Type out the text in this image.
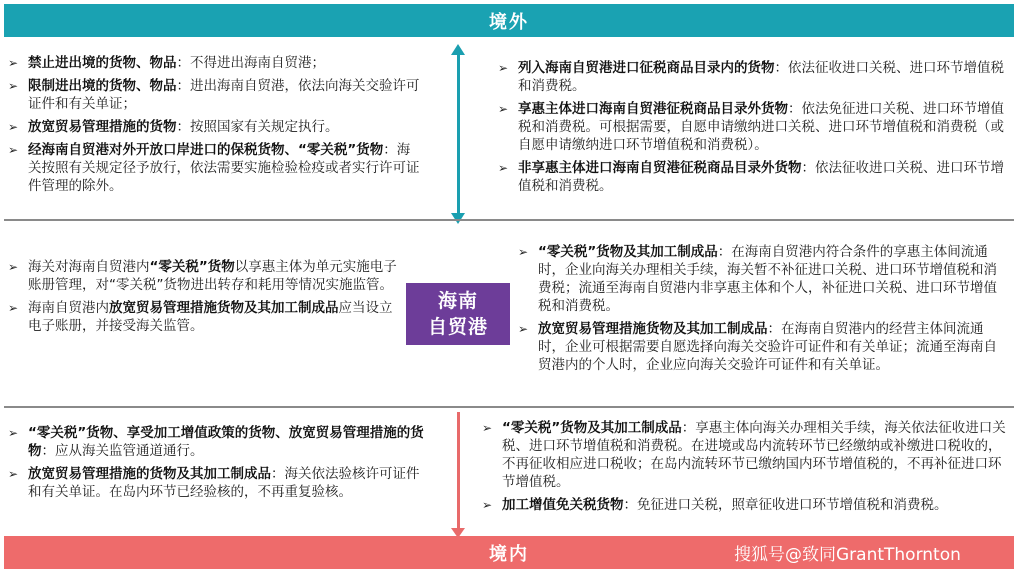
境外
海南
自贸港
➢ 禁止进出境的货物、物品：不得进出海南自贸港；
➢ 限制进出境的货物、物品：进出海南自贸港，依法向海关交验许可证件和有关单证；
➢ 放宽贸易管理措施的货物：按照国家有关规定执行。
➢ 经海南自贸港对外开放口岸进口的保税货物、“零关税”货物：海关按照有关规定径予放行，依法需要实施检验检疫或者实行许可证件管理的除外。
➢ 列入海南自贸港进口征税商品目录内的货物：依法征收进口关税、进口环节增值税和消费税。
➢ 享惠主体进口海南自贸港征税商品目录外货物：依法免征进口关税、进口环节增值税和消费税。可根据需要，自愿申请缴纳进口关税、进口环节增值税和消费税（或自愿申请缴纳进口环节增值税和消费税）。
➢ 非享惠主体进口海南自贸港征税商品目录外货物：依法征收进口关税、进口环节增值税和消费税。
➢ 海关对海南自贸港内“零关税”货物以享惠主体为单元实施电子账册管理，对“零关税”货物进出转存和耗用等情况实施监管。
➢ 海南自贸港内放宽贸易管理措施货物及其加工制成品应当设立电子账册，并接受海关监管。
➢ “零关税”货物及其加工制成品：在海南自贸港内符合条件的享惠主体间流通时，企业向海关办理相关手续，海关暂不补征进口关税、进口环节增值税和消费税；流通至海南自贸港内非享惠主体和个人，补征进口关税、进口环节增值税和消费税。
➢ 放宽贸易管理措施货物及其加工制成品：在海南自贸港内的经营主体间流通时，企业可根据需要自愿选择向海关交验许可证件和有关单证；流通至海南自贸港内的个人时，企业应向海关交验许可证件和有关单证。
➢ “零关税”货物、享受加工增值政策的货物、放宽贸易管理措施的货物：应从海关监管通道通行。
➢ 放宽贸易管理措施的货物及其加工制成品：海关依法验核许可证件和有关单证。在岛内环节已经验核的，不再重复验核。
➢ “零关税”货物及其加工制成品：享惠主体向海关办理相关手续，海关依法征收进口关税、进口环节增值税和消费税。在进境或岛内流转环节已经缴纳或补缴进口税收的，不再征收相应进口税收；在岛内流转环节已缴纳国内环节增值税的，不再补征进口环节增值税。
➢ 加工增值免关税货物：免征进口关税，照章征收进口环节增值税和消费税。
境内	搜狐号@致同GrantThornton
